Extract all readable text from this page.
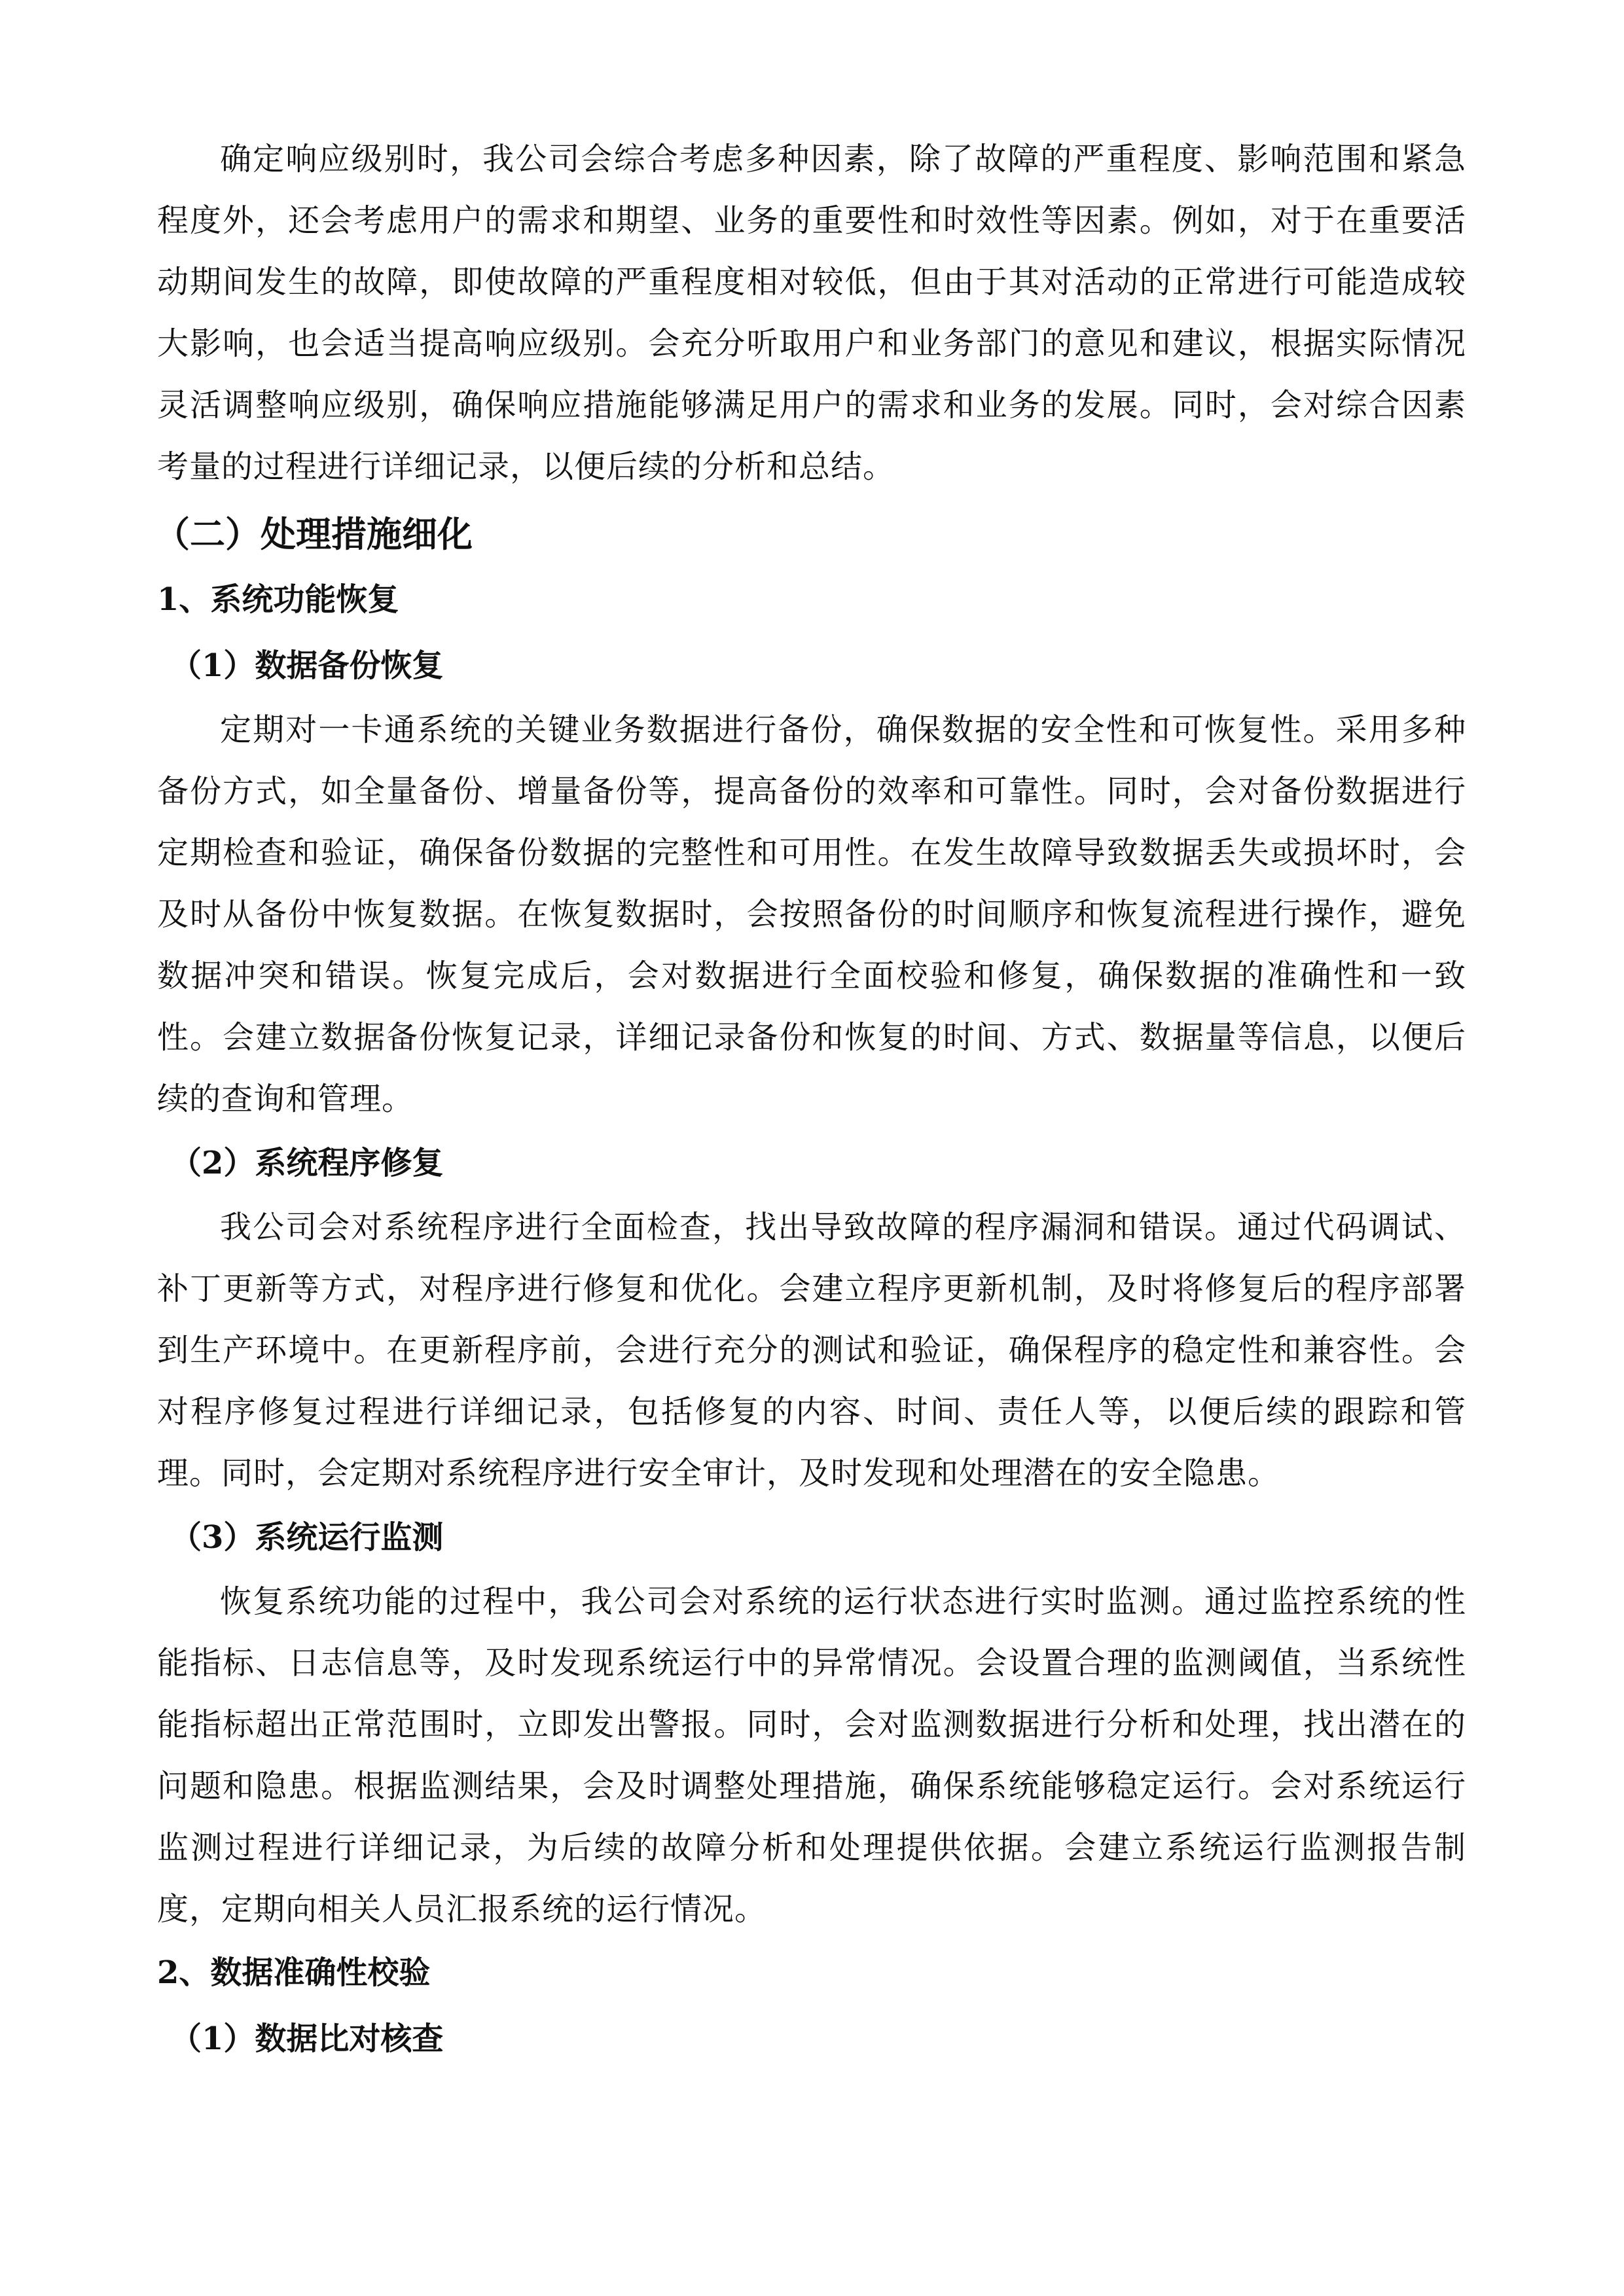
确定响应级别时，我公司会综合考虑多种因素，除了故障的严重程度、影响范围和紧急程度外，还会考虑用户的需求和期望、业务的重要性和时效性等因素。例如，对于在重要活动期间发生的故障，即使故障的严重程度相对较低，但由于其对活动的正常进行可能造成较大影响，也会适当提高响应级别。会充分听取用户和业务部门的意见和建议，根据实际情况灵活调整响应级别，确保响应措施能够满足用户的需求和业务的发展。同时，会对综合因素考量的过程进行详细记录，以便后续的分析和总结。

（二）处理措施细化
1、系统功能恢复
（1）数据备份恢复

定期对一卡通系统的关键业务数据进行备份，确保数据的安全性和可恢复性。采用多种备份方式，如全量备份、增量备份等，提高备份的效率和可靠性。同时，会对备份数据进行定期检查和验证，确保备份数据的完整性和可用性。在发生故障导致数据丢失或损坏时，会及时从备份中恢复数据。在恢复数据时，会按照备份的时间顺序和恢复流程进行操作，避免数据冲突和错误。恢复完成后，会对数据进行全面校验和修复，确保数据的准确性和一致性。会建立数据备份恢复记录，详细记录备份和恢复的时间、方式、数据量等信息，以便后续的查询和管理。

（2）系统程序修复

我公司会对系统程序进行全面检查，找出导致故障的程序漏洞和错误。通过代码调试、补丁更新等方式，对程序进行修复和优化。会建立程序更新机制，及时将修复后的程序部署到生产环境中。在更新程序前，会进行充分的测试和验证，确保程序的稳定性和兼容性。会对程序修复过程进行详细记录，包括修复的内容、时间、责任人等，以便后续的跟踪和管理。同时，会定期对系统程序进行安全审计，及时发现和处理潜在的安全隐患。

（3）系统运行监测

恢复系统功能的过程中，我公司会对系统的运行状态进行实时监测。通过监控系统的性能指标、日志信息等，及时发现系统运行中的异常情况。会设置合理的监测阈值，当系统性能指标超出正常范围时，立即发出警报。同时，会对监测数据进行分析和处理，找出潜在的问题和隐患。根据监测结果，会及时调整处理措施，确保系统能够稳定运行。会对系统运行监测过程进行详细记录，为后续的故障分析和处理提供依据。会建立系统运行监测报告制度，定期向相关人员汇报系统的运行情况。

2、数据准确性校验
（1）数据比对核查
